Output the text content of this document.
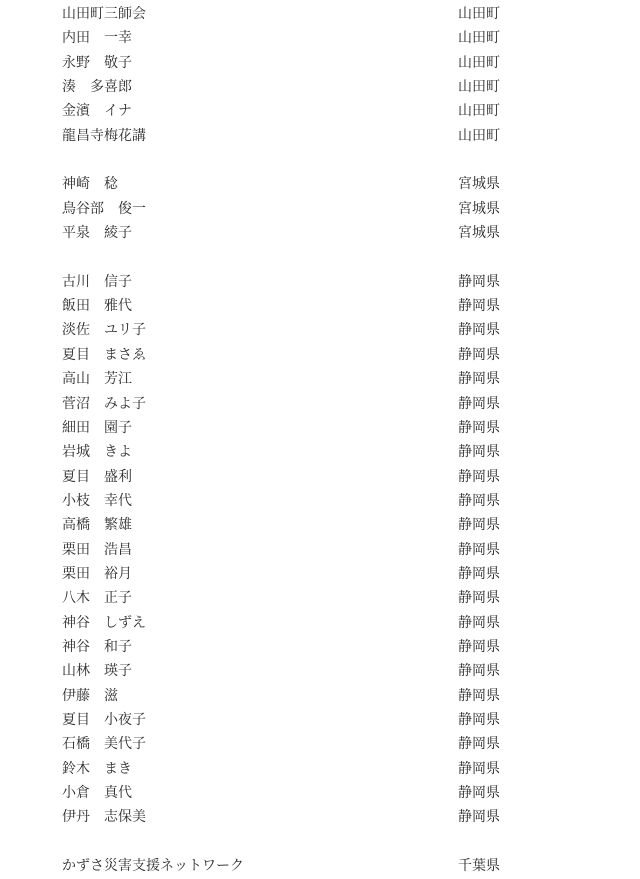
山田町三師会	山田町
内田　一幸	山田町
永野　敬子	山田町
湊　多喜郎	山田町
金濱　イナ	山田町
龍昌寺梅花講	山田町
神崎　稔	宮城県
鳥谷部　俊一	宮城県
平泉　綾子	宮城県
古川　信子	静岡県
飯田　雅代	静岡県
淡佐　ユリ子	静岡県
夏目　まさゑ	静岡県
高山　芳江	静岡県
菅沼　みよ子	静岡県
細田　園子	静岡県
岩城　きよ	静岡県
夏目　盛利	静岡県
小枝　幸代	静岡県
高橋　繁雄	静岡県
栗田　浩昌	静岡県
栗田　裕月	静岡県
八木　正子	静岡県
神谷　しずえ	静岡県
神谷　和子	静岡県
山林　瑛子	静岡県
伊藤　滋	静岡県
夏目　小夜子	静岡県
石橋　美代子	静岡県
鈴木　まき	静岡県
小倉　真代	静岡県
伊丹　志保美	静岡県
かずさ災害支援ネットワーク	千葉県
